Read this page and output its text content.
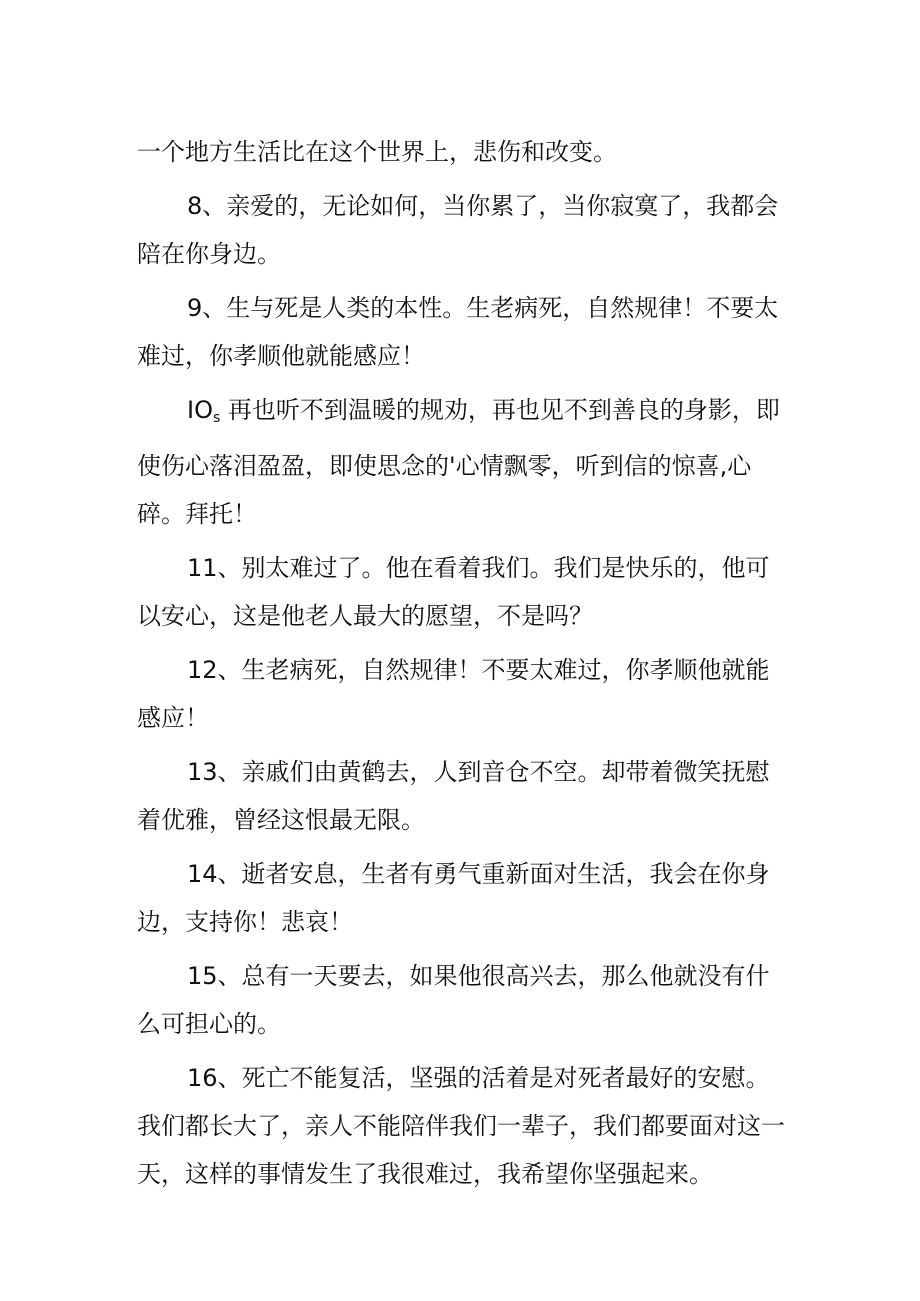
一个地方生活比在这个世界上，悲伤和改变。

8、亲爱的，无论如何，当你累了，当你寂寞了，我都会陪在你身边。

9、生与死是人类的本性。生老病死，自然规律！不要太难过，你孝顺他就能感应！

$IO_s$ 再也听不到温暖的规劝，再也见不到善良的身影，即使伤心落泪盈盈，即使思念的'心情飘零，听到信的惊喜,心碎。拜托！

11、别太难过了。他在看着我们。我们是快乐的，他可以安心，这是他老人最大的愿望，不是吗？

12、生老病死，自然规律！不要太难过，你孝顺他就能感应！

13、亲戚们由黄鹤去，人到音仓不空。却带着微笑抚慰着优雅，曾经这恨最无限。

14、逝者安息，生者有勇气重新面对生活，我会在你身边，支持你！悲哀！

15、总有一天要去，如果他很高兴去，那么他就没有什么可担心的。

16、死亡不能复活，坚强的活着是对死者最好的安慰。我们都长大了，亲人不能陪伴我们一辈子，我们都要面对这一天，这样的事情发生了我很难过，我希望你坚强起来。
